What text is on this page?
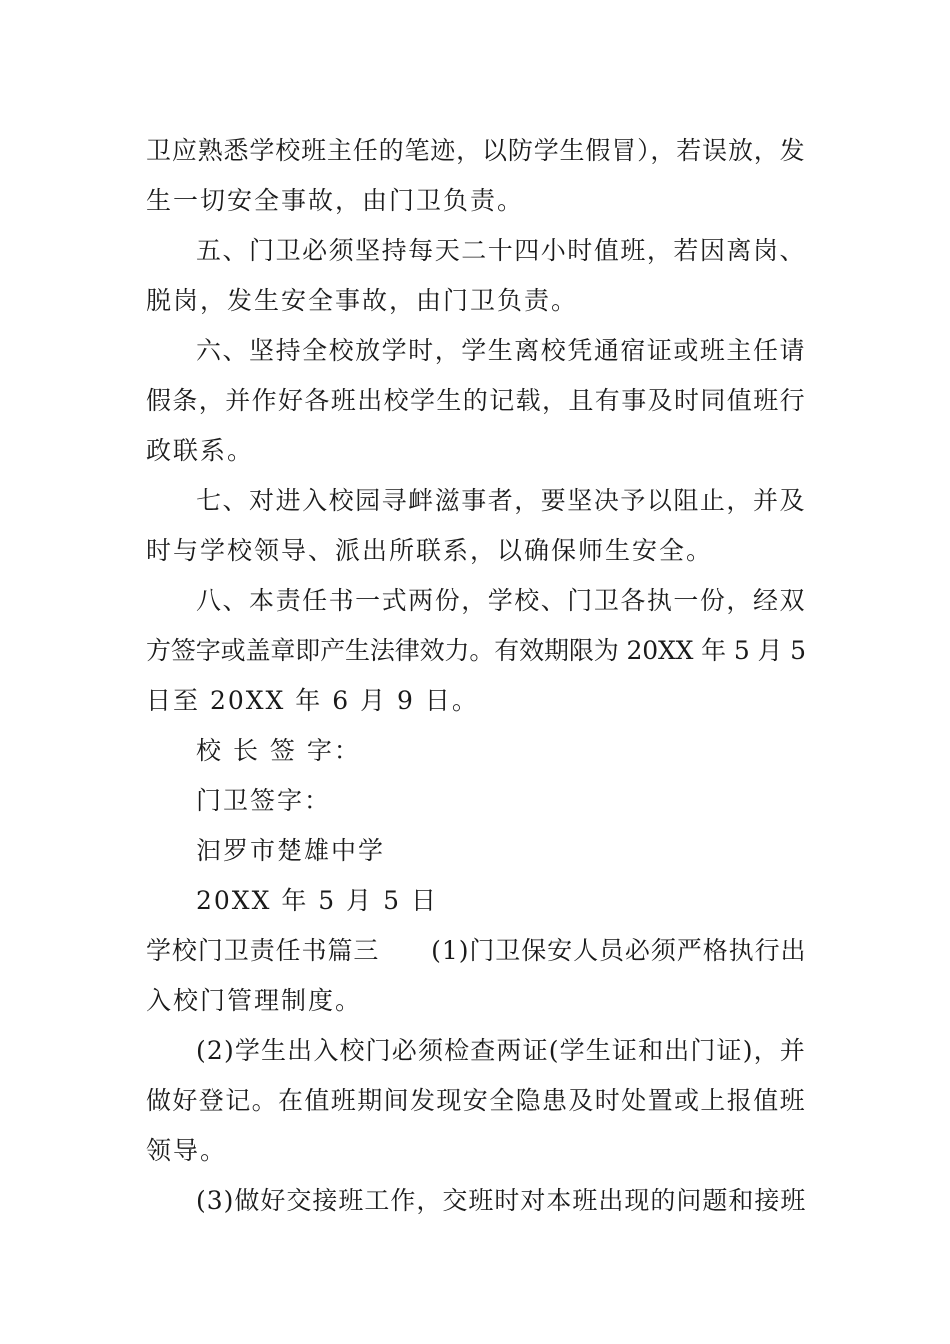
卫应熟悉学校班主任的笔迹，以防学生假冒），若误放，发
生一切安全事故，由门卫负责。
五、门卫必须坚持每天二十四小时值班，若因离岗、
脱岗，发生安全事故，由门卫负责。
六、坚持全校放学时，学生离校凭通宿证或班主任请
假条，并作好各班出校学生的记载，且有事及时同值班行
政联系。
七、对进入校园寻衅滋事者，要坚决予以阻止，并及
时与学校领导、派出所联系，以确保师生安全。
八、本责任书一式两份，学校、门卫各执一份，经双
方签字或盖章即产生法律效力。有效期限为 20XX 年 5 月 5
日至 20XX 年 6 月 9 日。
校 长 签 字：
门卫签字：
汩罗市楚雄中学
20XX 年 5 月 5 日
学校门卫责任书篇三　　(1)门卫保安人员必须严格执行出
入校门管理制度。
(2)学生出入校门必须检查两证(学生证和出门证)，并
做好登记。在值班期间发现安全隐患及时处置或上报值班
领导。
(3)做好交接班工作，交班时对本班出现的问题和接班
